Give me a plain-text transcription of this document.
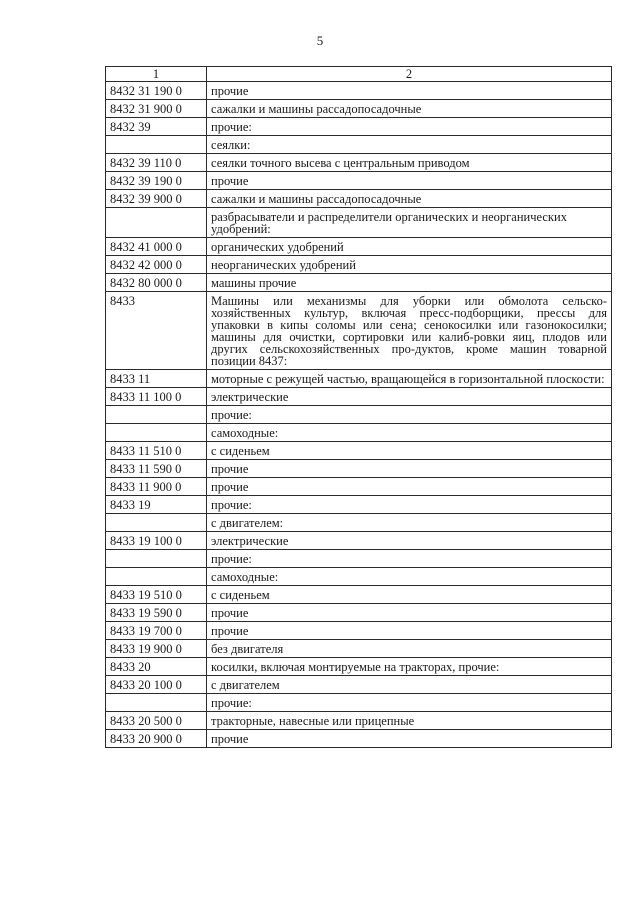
5
1	2
8432 31 190 0	прочие
8432 31 900 0	сажалки и машины рассадопосадочные
8432 39	прочие:
	сеялки:
8432 39 110 0	сеялки точного высева с центральным приводом
8432 39 190 0	прочие
8432 39 900 0	сажалки и машины рассадопосадочные
	разбрасыватели и распределители органических и неорганических удобрений:
8432 41 000 0	органических удобрений
8432 42 000 0	неорганических удобрений
8432 80 000 0	машины прочие
8433	Машины или механизмы для уборки или обмолота сельско-хозяйственных культур, включая пресс-подборщики, прессы для упаковки в кипы соломы или сена; сенокосилки или газонокосилки; машины для очистки, сортировки или калиб-ровки яиц, плодов или других сельскохозяйственных про-дуктов, кроме машин товарной позиции 8437:
8433 11	моторные с режущей частью, вращающейся в горизонтальной плоскости:
8433 11 100 0	электрические
	прочие:
	самоходные:
8433 11 510 0	с сиденьем
8433 11 590 0	прочие
8433 11 900 0	прочие
8433 19	прочие:
	с двигателем:
8433 19 100 0	электрические
	прочие:
	самоходные:
8433 19 510 0	с сиденьем
8433 19 590 0	прочие
8433 19 700 0	прочие
8433 19 900 0	без двигателя
8433 20	косилки, включая монтируемые на тракторах, прочие:
8433 20 100 0	с двигателем
	прочие:
8433 20 500 0	тракторные, навесные или прицепные
8433 20 900 0	прочие
